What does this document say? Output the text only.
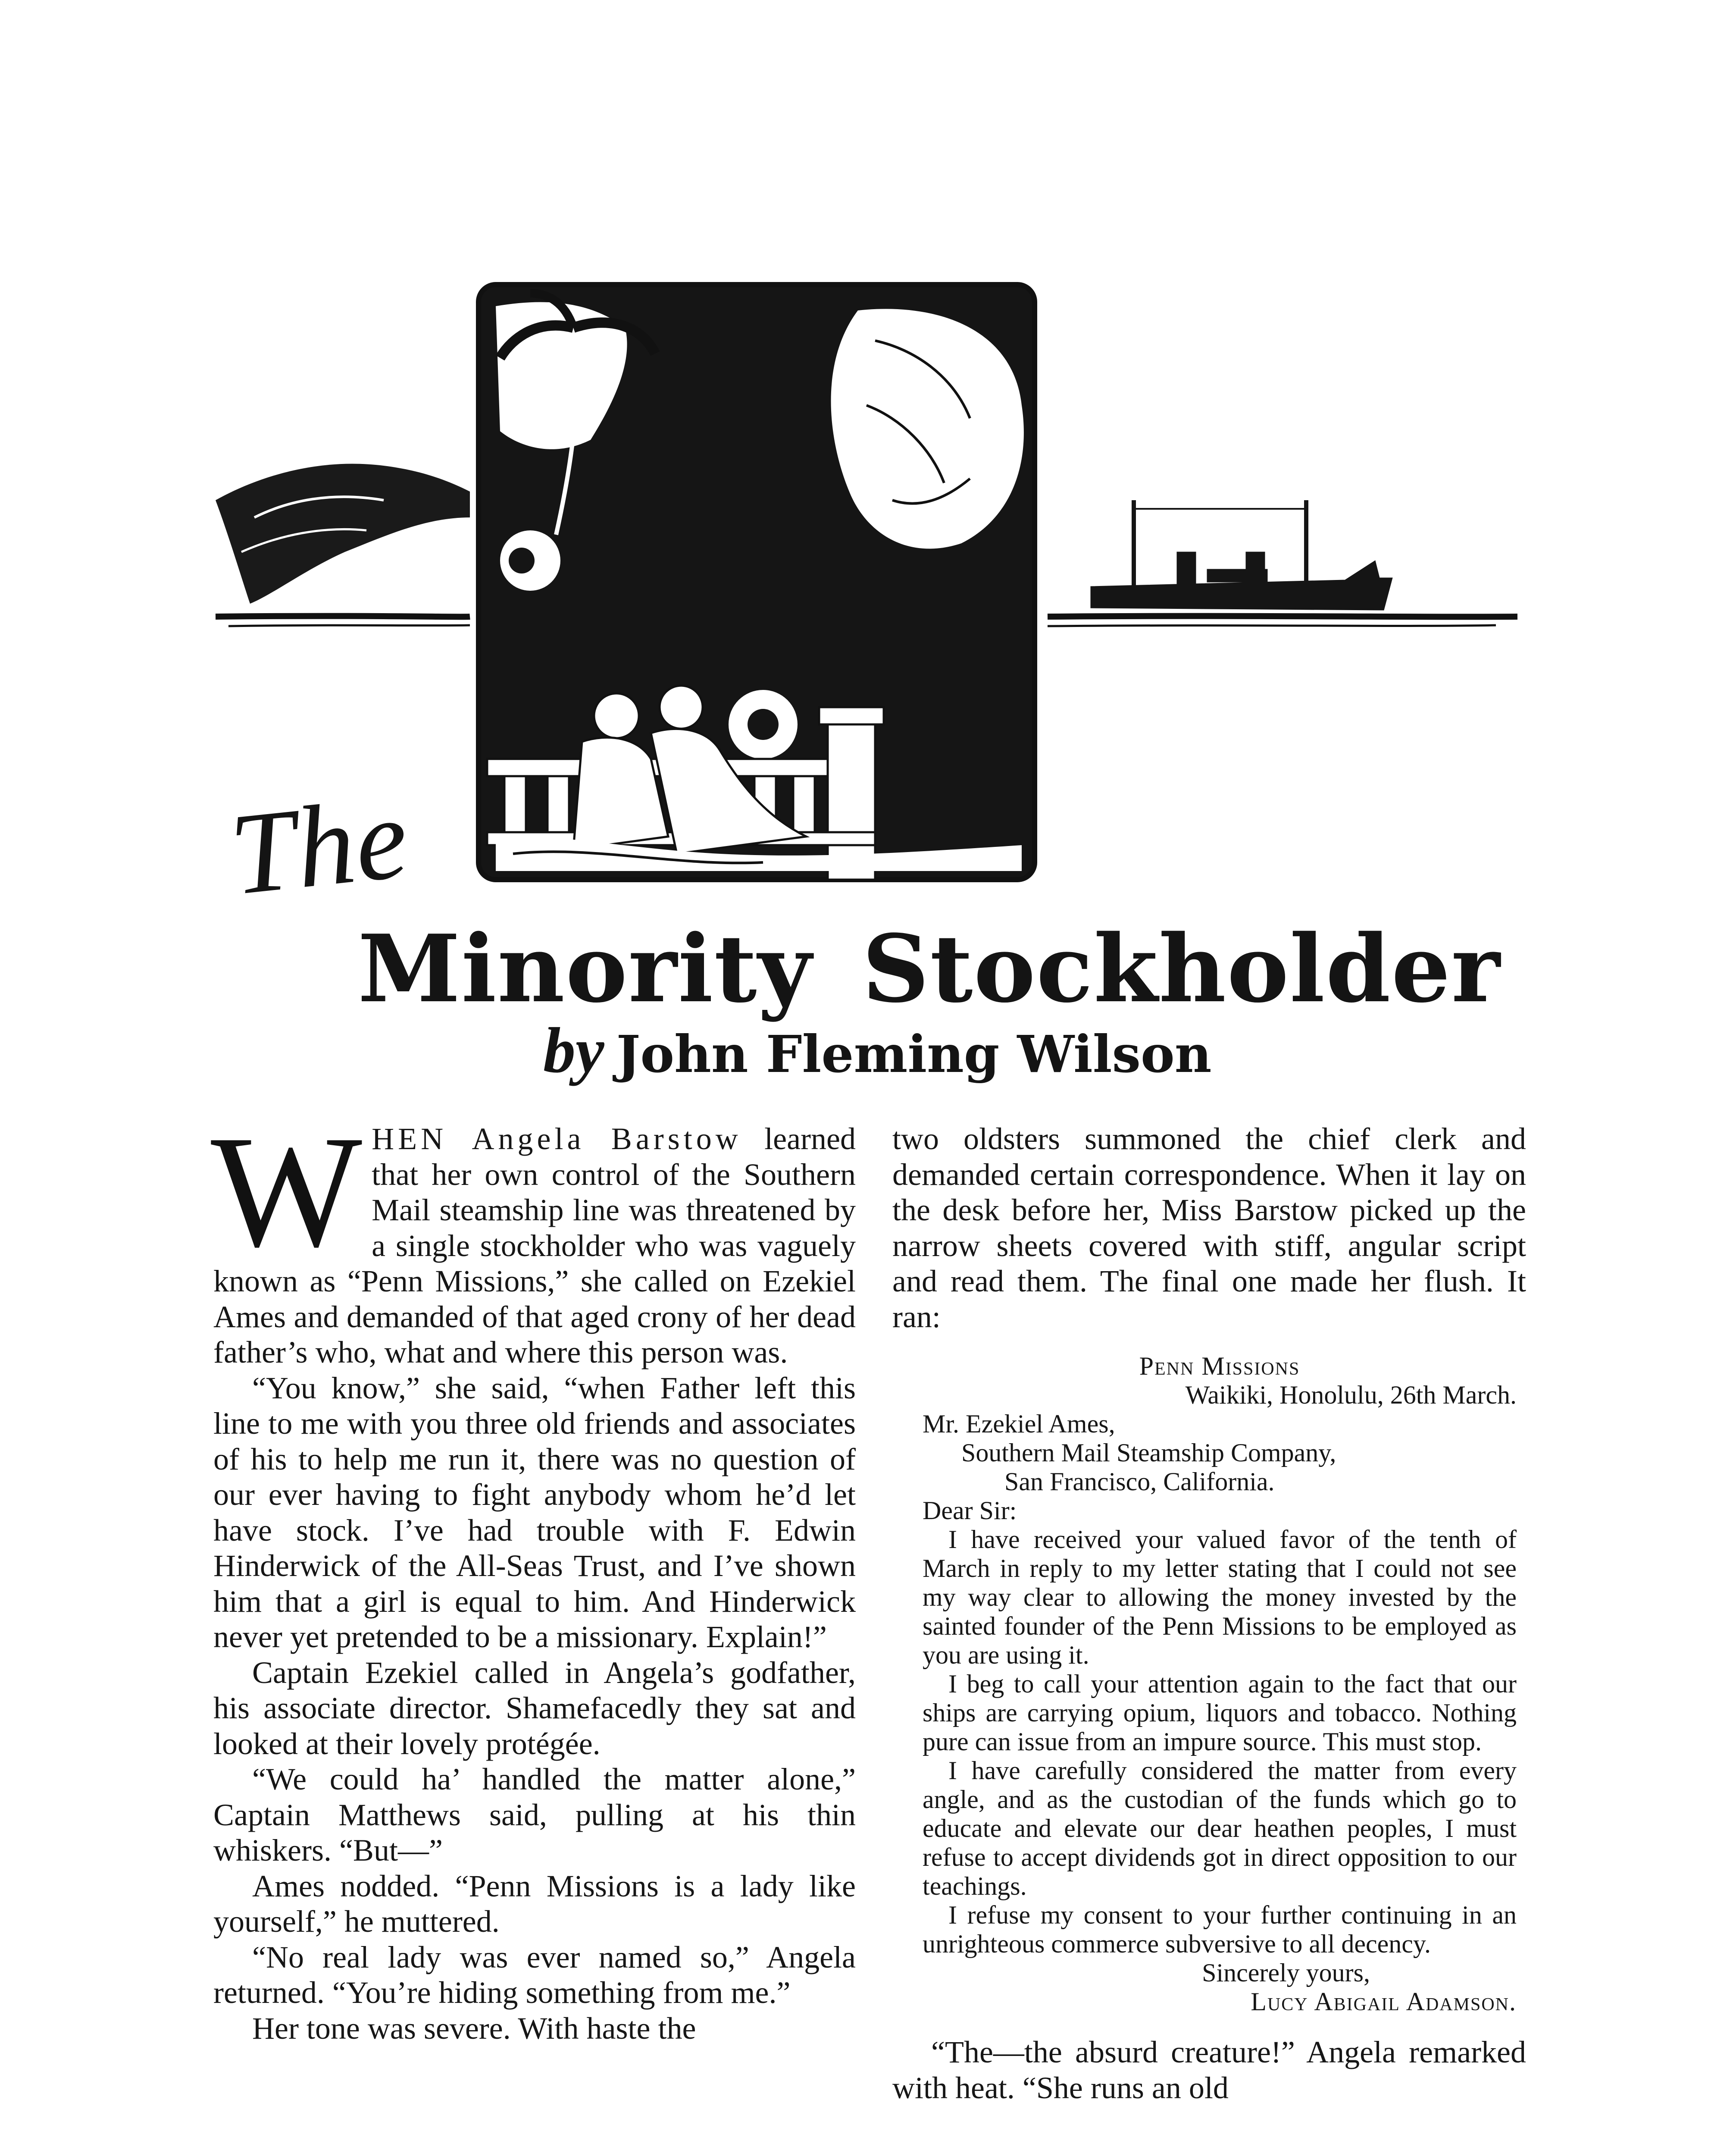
The
Minority Stockholder
by John Fleming Wilson

W HEN Angela Barstow learned that her own control of the Southern Mail steamship line was threatened by a single stockholder who was vaguely known as “Penn Missions,” she called on Ezekiel Ames and demanded of that aged crony of her dead father’s who, what and where this person was.

“You know,” she said, “when Father left this line to me with you three old friends and associates of his to help me run it, there was no question of our ever having to fight anybody whom he’d let have stock. I’ve had trouble with F. Edwin Hinderwick of the All-Seas Trust, and I’ve shown him that a girl is equal to him. And Hinderwick never yet pretended to be a missionary. Explain!”

Captain Ezekiel called in Angela’s godfather, his associate director. Shamefacedly they sat and looked at their lovely protégée.

“We could ha’ handled the matter alone,” Captain Matthews said, pulling at his thin whiskers. “But—”

Ames nodded. “Penn Missions is a lady like yourself,” he muttered.

“No real lady was ever named so,” Angela returned. “You’re hiding something from me.”

Her tone was severe. With haste the

two oldsters summoned the chief clerk and demanded certain correspondence. When it lay on the desk before her, Miss Barstow picked up the narrow sheets covered with stiff, angular script and read them. The final one made her flush. It ran:

Penn Missions

Waikiki, Honolulu, 26th March.

Mr. Ezekiel Ames,

Southern Mail Steamship Company,

San Francisco, California.

Dear Sir:

I have received your valued favor of the tenth of March in reply to my letter stating that I could not see my way clear to allowing the money invested by the sainted founder of the Penn Missions to be employed as you are using it.

I beg to call your attention again to the fact that our ships are carrying opium, liquors and tobacco. Nothing pure can issue from an impure source. This must stop.

I have carefully considered the matter from every angle, and as the custodian of the funds which go to educate and elevate our dear heathen peoples, I must refuse to accept dividends got in direct opposition to our teachings.

I refuse my consent to your further continuing in an unrighteous commerce subversive to all decency.

Sincerely yours,

Lucy Abigail Adamson.

“The—the absurd creature!” Angela remarked with heat. “She runs an old
